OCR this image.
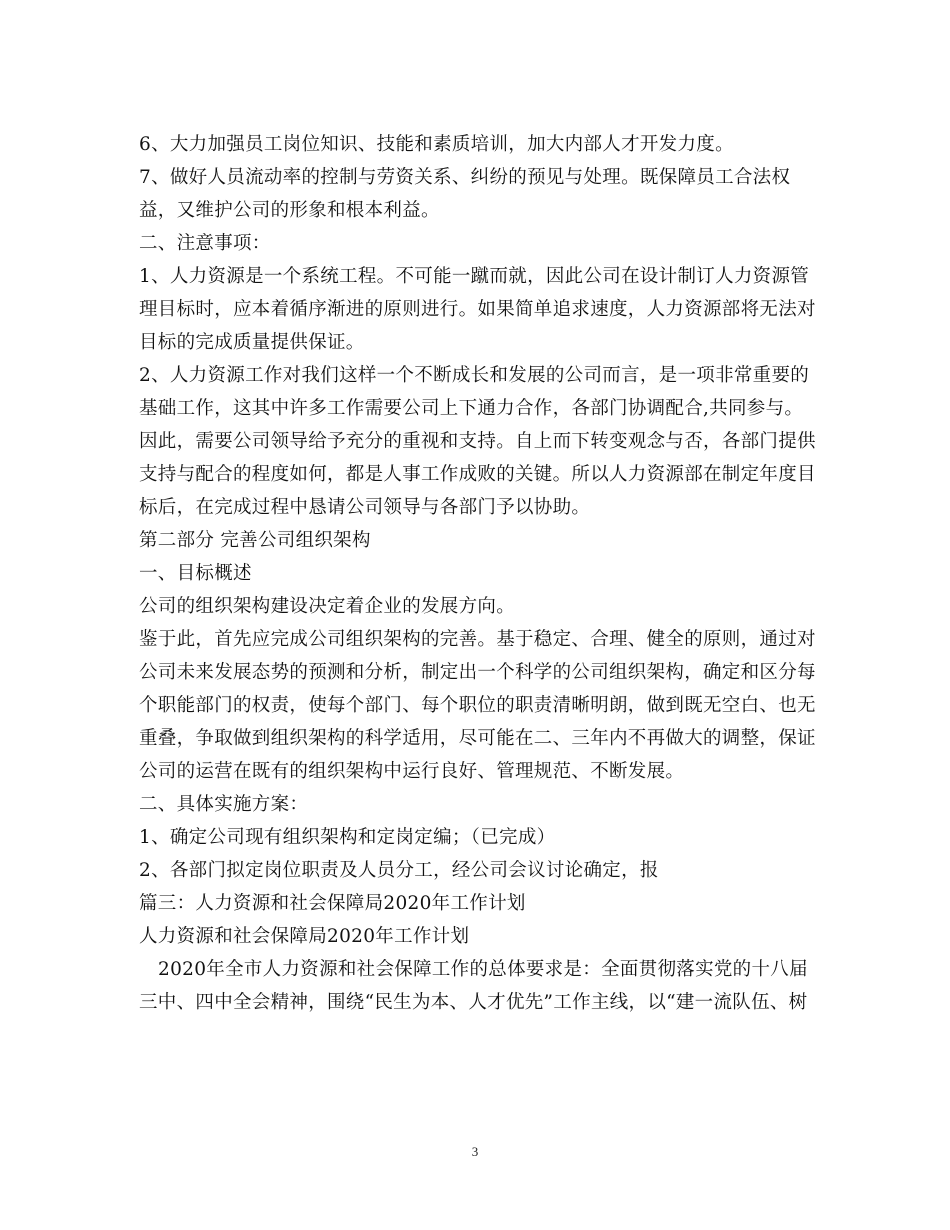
6、大力加强员工岗位知识、技能和素质培训，加大内部人才开发力度。
7、做好人员流动率的控制与劳资关系、纠纷的预见与处理。既保障员工合法权
益，又维护公司的形象和根本利益。
二、注意事项：
1、人力资源是一个系统工程。不可能一蹴而就，因此公司在设计制订人力资源管
理目标时，应本着循序渐进的原则进行。如果简单追求速度，人力资源部将无法对
目标的完成质量提供保证。
2、人力资源工作对我们这样一个不断成长和发展的公司而言，是一项非常重要的
基础工作，这其中许多工作需要公司上下通力合作，各部门协调配合,共同参与。
因此，需要公司领导给予充分的重视和支持。自上而下转变观念与否，各部门提供
支持与配合的程度如何，都是人事工作成败的关键。所以人力资源部在制定年度目
标后，在完成过程中恳请公司领导与各部门予以协助。
第二部分 完善公司组织架构
一、目标概述
公司的组织架构建设决定着企业的发展方向。
鉴于此，首先应完成公司组织架构的完善。基于稳定、合理、健全的原则，通过对
公司未来发展态势的预测和分析，制定出一个科学的公司组织架构，确定和区分每
个职能部门的权责，使每个部门、每个职位的职责清晰明朗，做到既无空白、也无
重叠，争取做到组织架构的科学适用，尽可能在二、三年内不再做大的调整，保证
公司的运营在既有的组织架构中运行良好、管理规范、不断发展。
二、具体实施方案：
1、确定公司现有组织架构和定岗定编；（已完成）
2、各部门拟定岗位职责及人员分工，经公司会议讨论确定，报
篇三：人力资源和社会保障局2020年工作计划
人力资源和社会保障局2020年工作计划
2020年全市人力资源和社会保障工作的总体要求是：全面贯彻落实党的十八届
三中、四中全会精神，围绕“民生为本、人才优先”工作主线，以“建一流队伍、树
3
